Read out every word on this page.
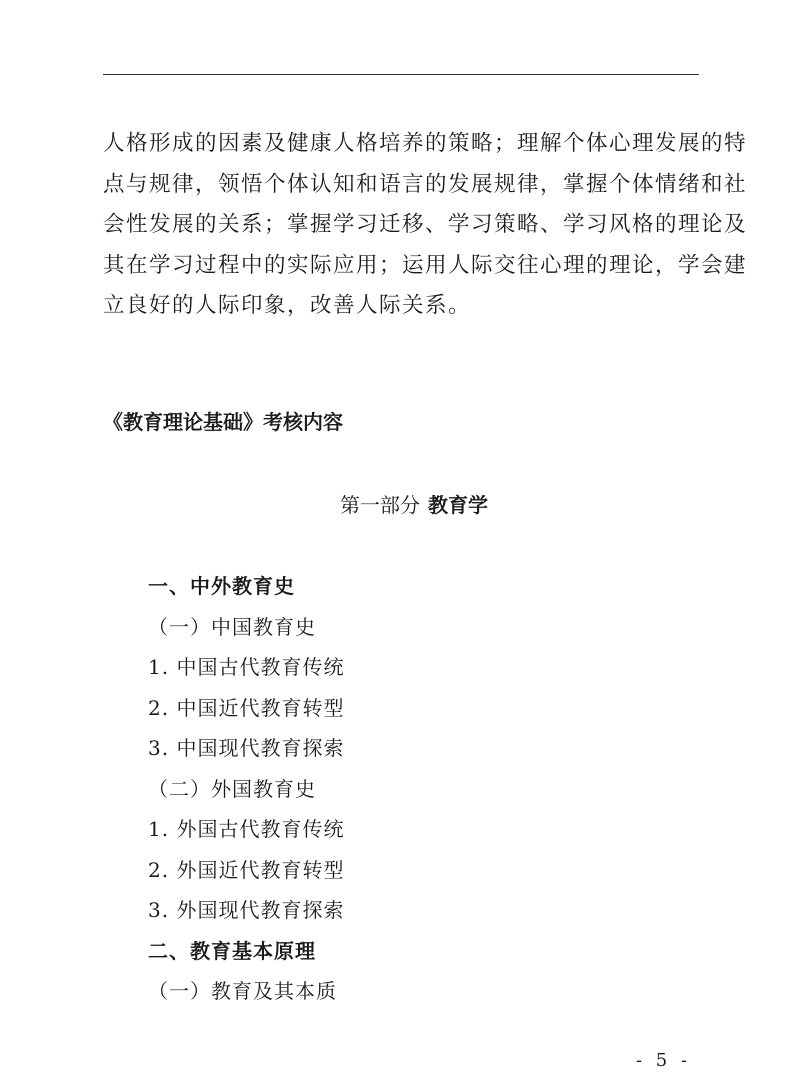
人格形成的因素及健康人格培养的策略；理解个体心理发展的特
点与规律，领悟个体认知和语言的发展规律，掌握个体情绪和社
会性发展的关系；掌握学习迁移、学习策略、学习风格的理论及
其在学习过程中的实际应用；运用人际交往心理的理论，学会建
立良好的人际印象，改善人际关系。

《教育理论基础》考核内容
第一部分 教育学
一、中外教育史
（一）中国教育史
1. 中国古代教育传统
2. 中国近代教育转型
3. 中国现代教育探索
（二）外国教育史
1. 外国古代教育传统
2. 外国近代教育转型
3. 外国现代教育探索
二、教育基本原理
（一）教育及其本质
- 5 -
